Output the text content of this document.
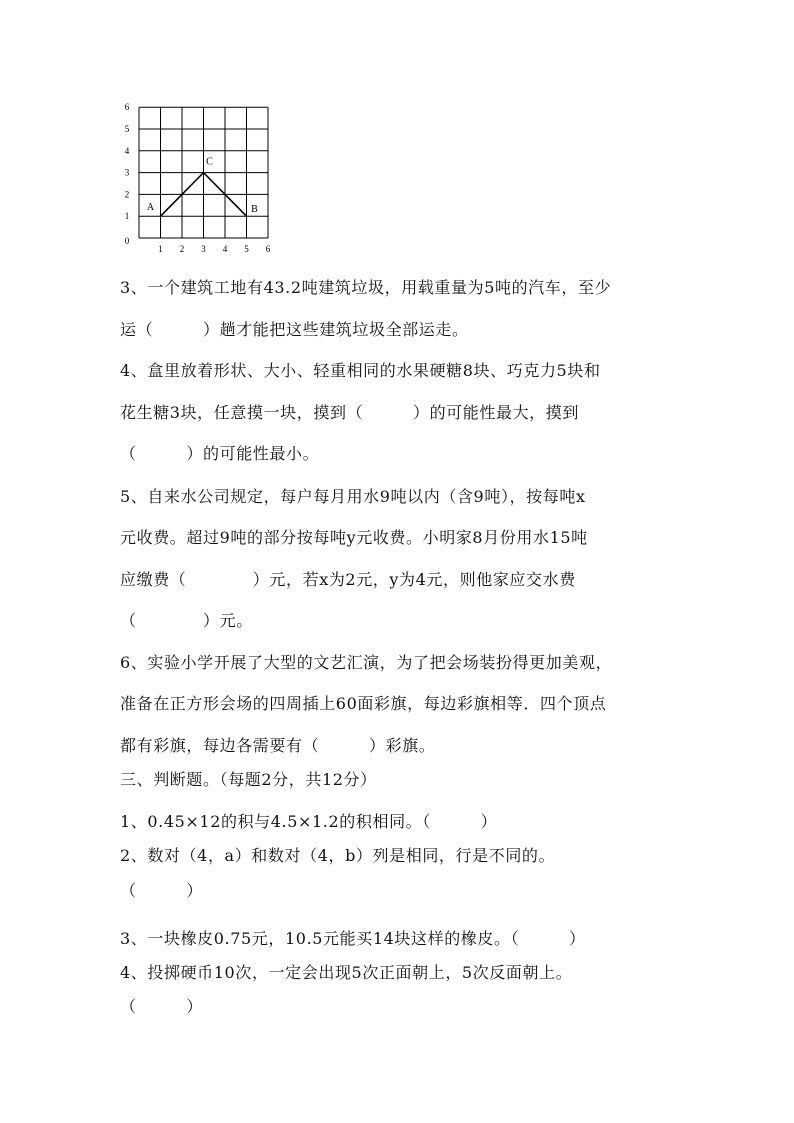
1 2 3 4 5 6
0
1
2
3
4
5
6
A	B
C
3、一个建筑工地有43.2吨建筑垃圾，用载重量为5吨的汽车，至少
运（　　　）趟才能把这些建筑垃圾全部运走。
4、盒里放着形状、大小、轻重相同的水果硬糖8块、巧克力5块和
花生糖3块，任意摸一块，摸到（　　　）的可能性最大，摸到
（　　　）的可能性最小。
5、自来水公司规定，每户每月用水9吨以内（含9吨），按每吨x
元收费。超过9吨的部分按每吨y元收费。小明家8月份用水15吨
应缴费（　　　　）元，若x为2元，y为4元，则他家应交水费
（　　　　）元。
6、实验小学开展了大型的文艺汇演，为了把会场装扮得更加美观，
准备在正方形会场的四周插上60面彩旗，每边彩旗相等．四个顶点
都有彩旗，每边各需要有（　　　）彩旗。
三、判断题。（每题2分，共12分）
1、0.45×12的积与4.5×1.2的积相同。（　　　）
2、数对（4，a）和数对（4，b）列是相同，行是不同的。
（　　　）
3、一块橡皮0.75元，10.5元能买14块这样的橡皮。（　　　）
4、投掷硬币10次，一定会出现5次正面朝上，5次反面朝上。
（　　　）
